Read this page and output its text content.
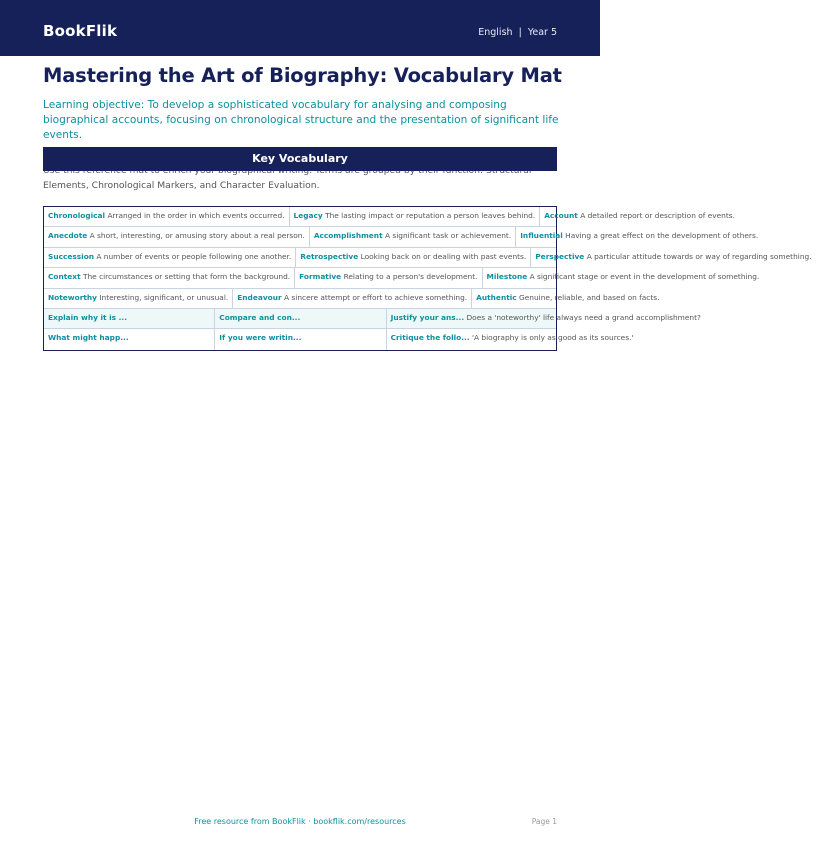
BookFlik	English  |  Year 5
Mastering the Art of Biography: Vocabulary Mat
Learning objective: To develop a sophisticated vocabulary for analysing and composing biographical accounts, focusing on chronological structure and the presentation of significant life events.
Elements, Chronological Markers, and Character Evaluation.
Key Vocabulary
Chronological Arranged in the order in which events occurred.	Legacy The lasting impact or reputation a person leaves behind.	Account A detailed report or description of events.
Anecdote A short, interesting, or amusing story about a real person.	Accomplishment A significant task or achievement.	Influential Having a great effect on the development of others.
Succession A number of events or people following one another.	Retrospective Looking back on or dealing with past events.	Perspective A particular attitude towards or way of regarding something.
Context The circumstances or setting that form the background.	Formative Relating to a person's development.	Milestone A significant stage or event in the development of something.
Noteworthy Interesting, significant, or unusual.	Endeavour A sincere attempt or effort to achieve something.	Authentic Genuine, reliable, and based on facts.
Explain why it is ...	Compare and con...	Justify your ans... Does a 'noteworthy' life always need a grand accomplishment?
What might happ...	If you were writin...	Critique the follo... 'A biography is only as good as its sources.'
Free resource from BookFlik · bookflik.com/resources	Page 1
